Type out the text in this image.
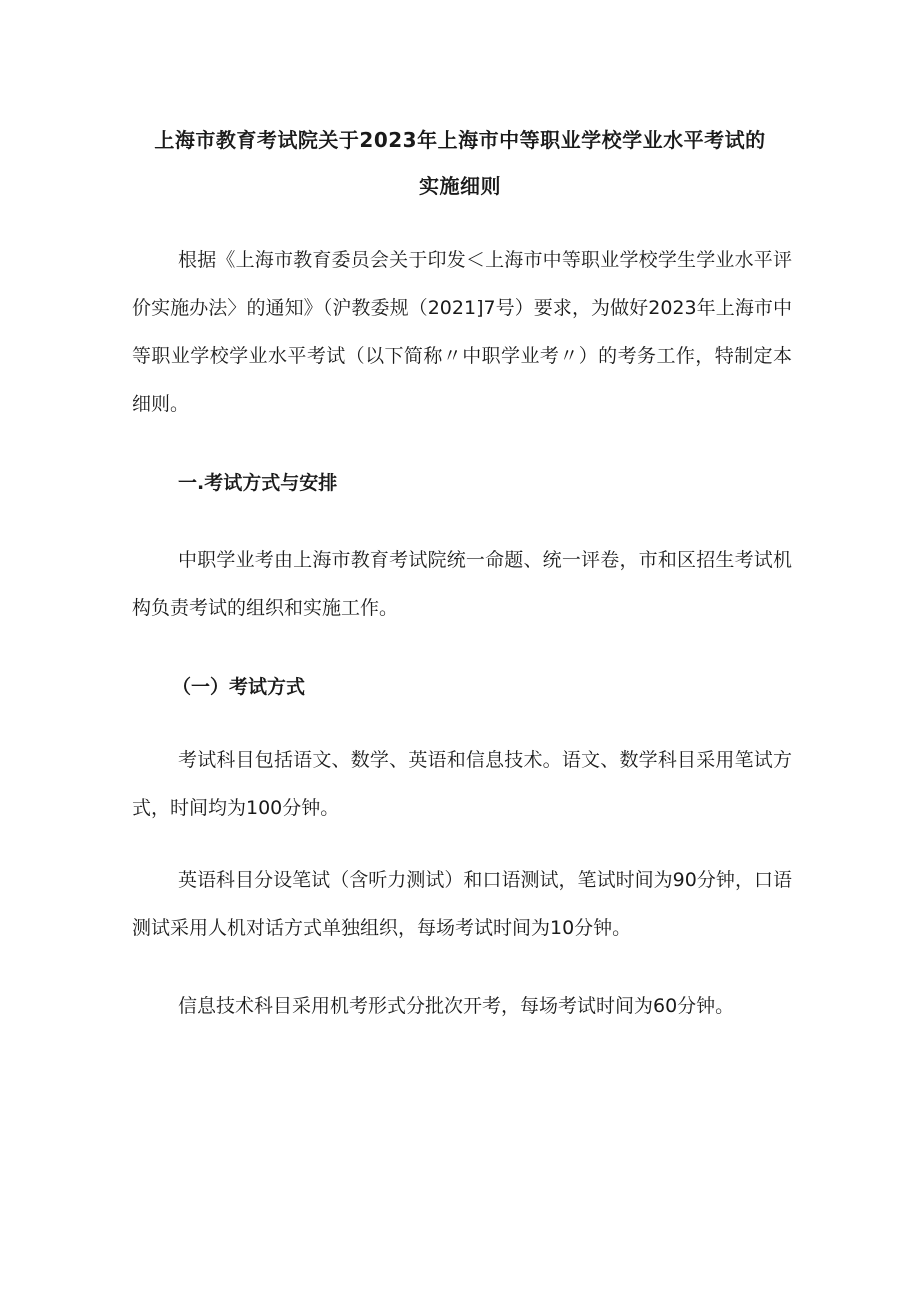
上海市教育考试院关于2023年上海市中等职业学校学业水平考试的
实施细则

根据《上海市教育委员会关于印发＜上海市中等职业学校学生学业水平评价实施办法〉的通知》（沪教委规（2021]7号）要求，为做好2023年上海市中等职业学校学业水平考试（以下简称〃中职学业考〃）的考务工作，特制定本细则。

一.考试方式与安排

中职学业考由上海市教育考试院统一命题、统一评卷，市和区招生考试机构负责考试的组织和实施工作。

（一）考试方式

考试科目包括语文、数学、英语和信息技术。语文、数学科目采用笔试方式，时间均为100分钟。

英语科目分设笔试（含听力测试）和口语测试，笔试时间为90分钟，口语测试采用人机对话方式单独组织，每场考试时间为10分钟。

信息技术科目采用机考形式分批次开考，每场考试时间为60分钟。
